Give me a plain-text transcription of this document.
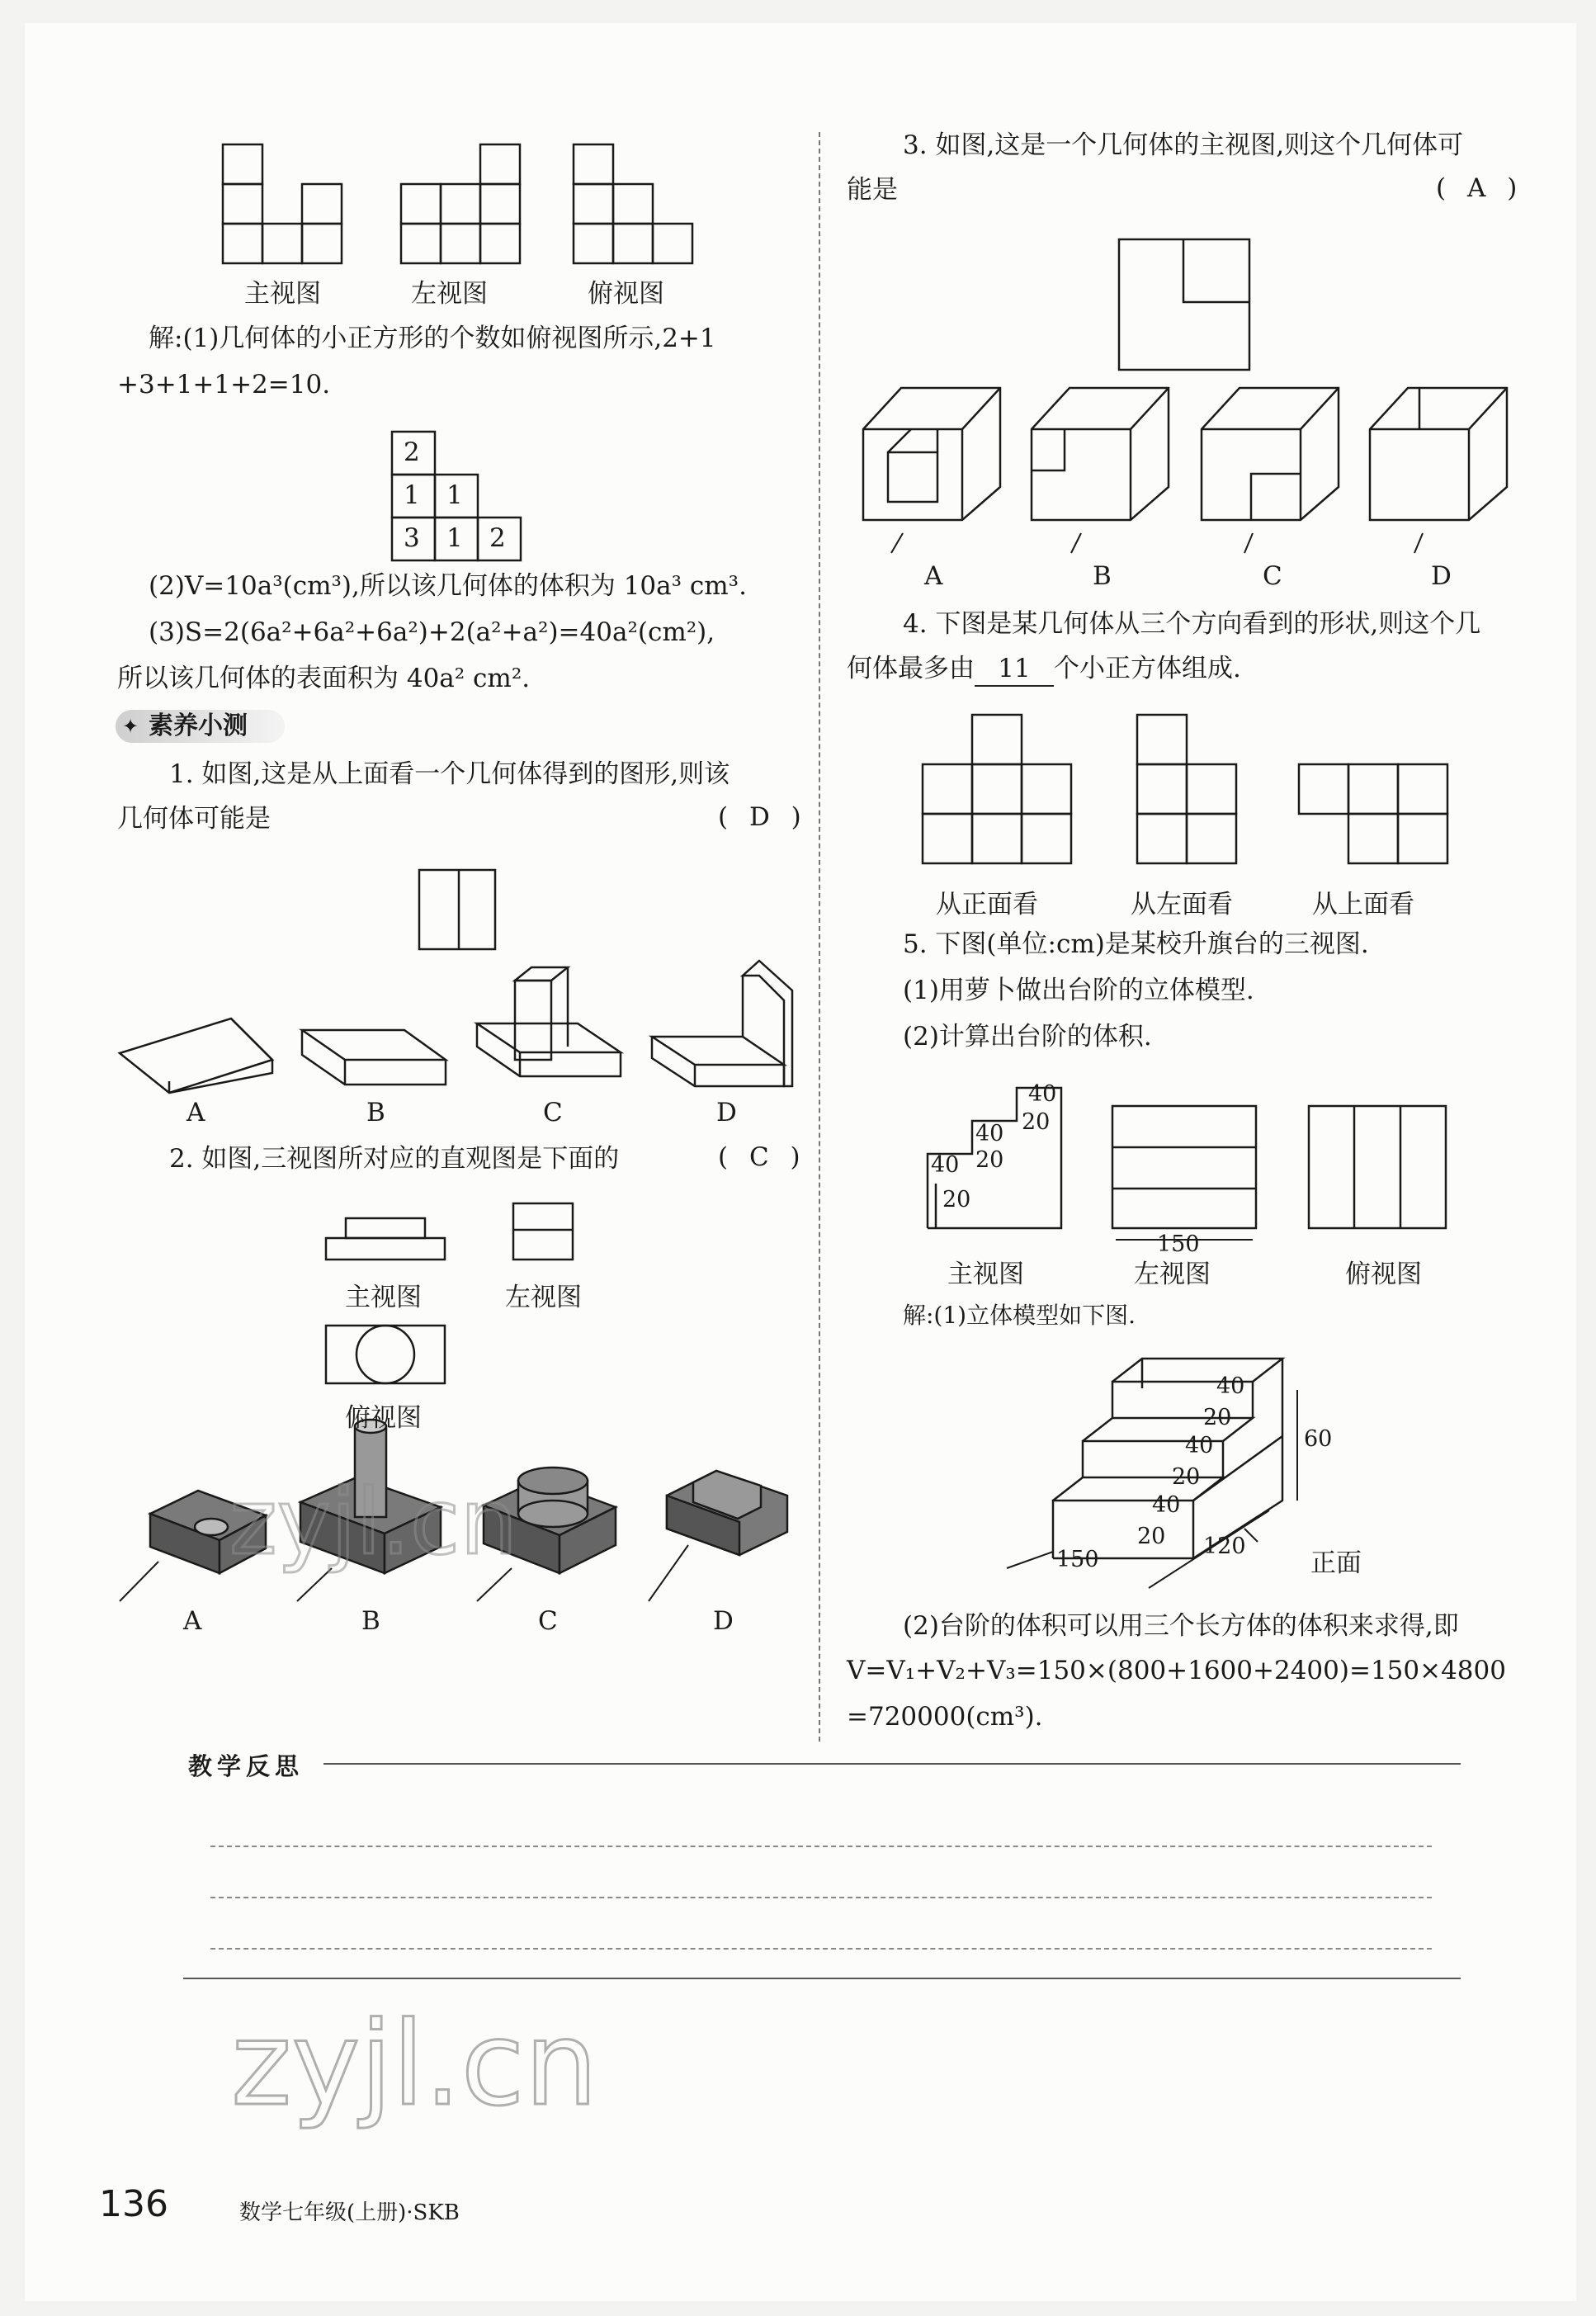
主视图	左视图	俯视图
解:(1)几何体的小正方形的个数如俯视图所示,2+1
+3+1+1+2=10.
2
1 1
3 1 2
(2)V=10a³(cm³),所以该几何体的体积为 10a³ cm³.
(3)S=2(6a²+6a²+6a²)+2(a²+a²)=40a²(cm²),
所以该几何体的表面积为 40a² cm².
✦ 素养小测
1. 如图,这是从上面看一个几何体得到的图形,则该
几何体可能是	( D )
A	B	C	D
2. 如图,三视图所对应的直观图是下面的	( C )
主视图	左视图
俯视图
A	B	C	D
3. 如图,这是一个几何体的主视图,则这个几何体可
能是	( A )
A	B	C	D
4. 下图是某几何体从三个方向看到的形状,则这个几
何体最多由 11 个小正方体组成.
从正面看	从左面看	从上面看
5. 下图(单位:cm)是某校升旗台的三视图.
(1)用萝卜做出台阶的立体模型.
(2)计算出台阶的体积.
40
20
40
20
40
20
150
主视图	左视图	俯视图
解:(1)立体模型如下图.
40
20
40
20
40
20
60
150
120
正面
(2)台阶的体积可以用三个长方体的体积来求得,即
V=V₁+V₂+V₃=150×(800+1600+2400)=150×4800
=720000(cm³).
教学反思
zyjl.cn
zyjl.cn
136	数学七年级(上册)·SKB
